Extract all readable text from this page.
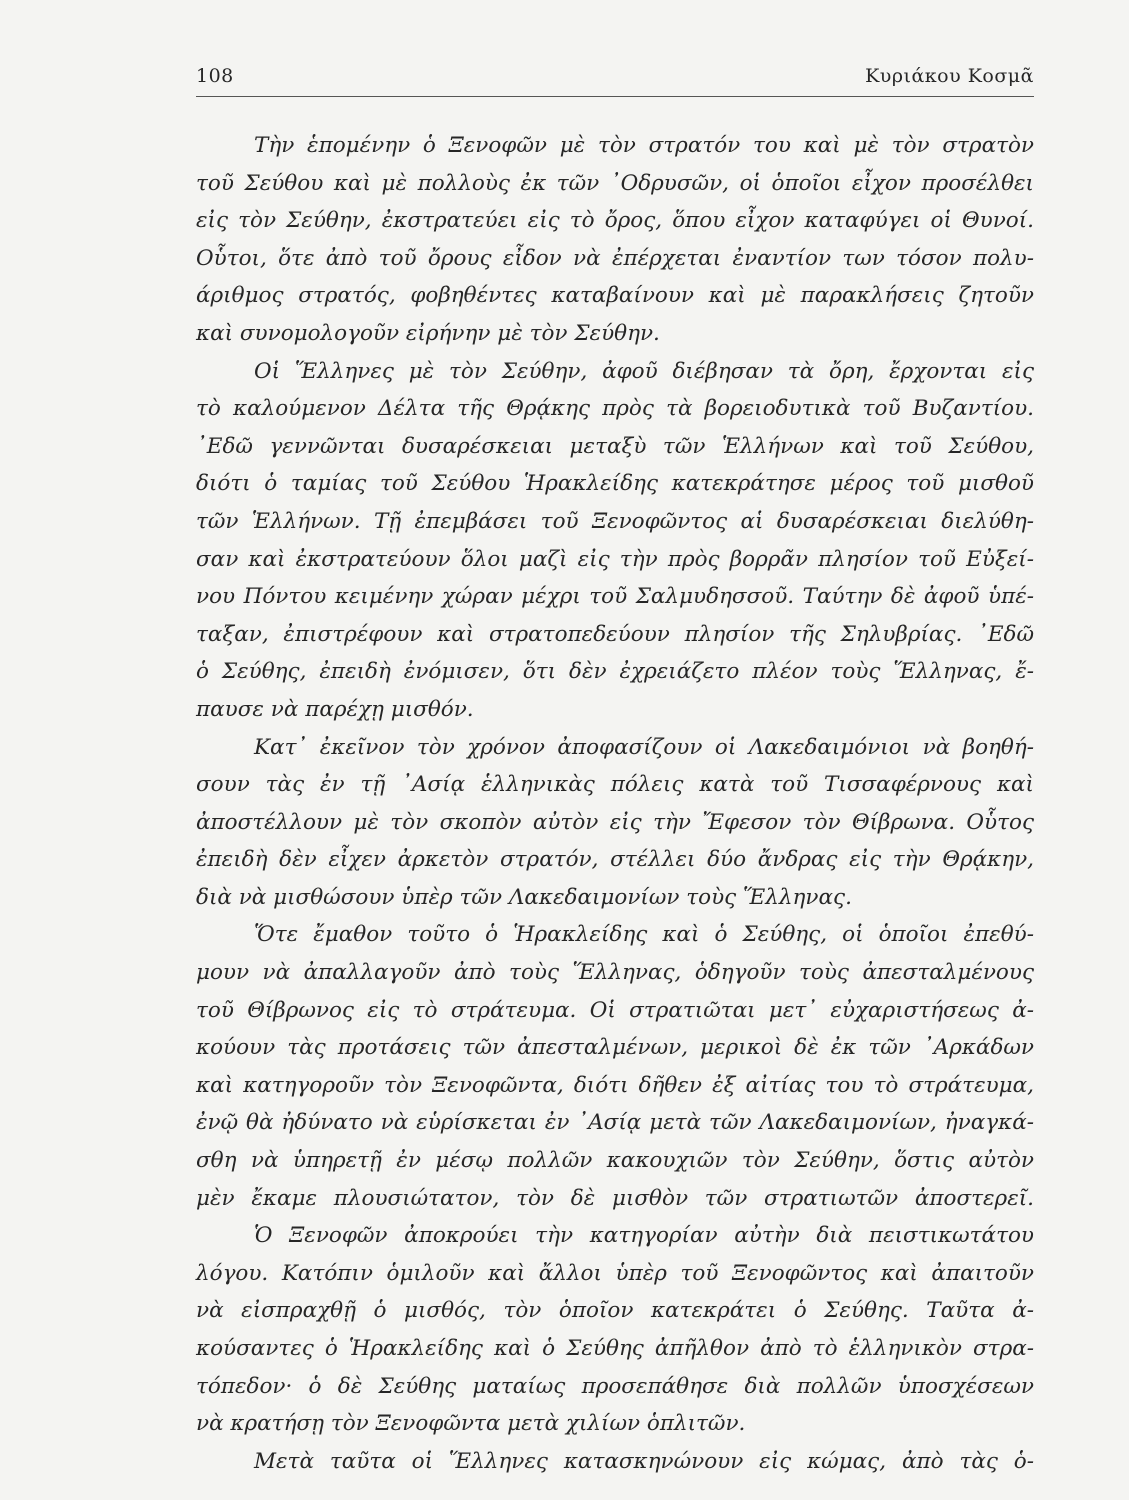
108	Κυριάκου Κοσμᾶ
Τὴν ἑπομένην ὁ Ξενοφῶν μὲ τὸν στρατόν του καὶ μὲ τὸν στρατὸν
τοῦ Σεύθου καὶ μὲ πολλοὺς ἐκ τῶν ᾽Οδρυσῶν, οἱ ὁποῖοι εἶχον προσέλθει
εἰς τὸν Σεύθην, ἐκστρατεύει εἰς τὸ ὄρος, ὅπου εἶχον καταφύγει οἱ Θυνοί.
Οὗτοι, ὅτε ἀπὸ τοῦ ὄρους εἶδον νὰ ἐπέρχεται ἐναντίον των τόσον πολυ-
άριθμος στρατός, φοβηθέντες καταβαίνουν καὶ μὲ παρακλήσεις ζητοῦν
καὶ συνομολογοῦν εἰρήνην μὲ τὸν Σεύθην.
Οἱ Ἕλληνες μὲ τὸν Σεύθην, ἀφοῦ διέβησαν τὰ ὄρη, ἔρχονται εἰς
τὸ καλούμενον Δέλτα τῆς Θρᾴκης πρὸς τὰ βορειοδυτικὰ τοῦ Βυζαντίου.
᾽Εδῶ γεννῶνται δυσαρέσκειαι μεταξὺ τῶν Ἑλλήνων καὶ τοῦ Σεύθου,
διότι ὁ ταμίας τοῦ Σεύθου Ἡρακλείδης κατεκράτησε μέρος τοῦ μισθοῦ
τῶν Ἑλλήνων. Τῇ ἐπεμβάσει τοῦ Ξενοφῶντος αἱ δυσαρέσκειαι διελύθη-
σαν καὶ ἐκστρατεύουν ὅλοι μαζὶ εἰς τὴν πρὸς βορρᾶν πλησίον τοῦ Εὐξεί-
νου Πόντου κειμένην χώραν μέχρι τοῦ Σαλμυδησσοῦ. Ταύτην δὲ ἀφοῦ ὑπέ-
ταξαν, ἐπιστρέφουν καὶ στρατοπεδεύουν πλησίον τῆς Σηλυβρίας. ᾽Εδῶ
ὁ Σεύθης, ἐπειδὴ ἐνόμισεν, ὅτι δὲν ἐχρειάζετο πλέον τοὺς Ἕλληνας, ἔ-
παυσε νὰ παρέχῃ μισθόν.
Κατ᾽ ἐκεῖνον τὸν χρόνον ἀποφασίζουν οἱ Λακεδαιμόνιοι νὰ βοηθή-
σουν τὰς ἐν τῇ ᾽Ασίᾳ ἑλληνικὰς πόλεις κατὰ τοῦ Τισσαφέρνους καὶ
ἀποστέλλουν μὲ τὸν σκοπὸν αὐτὸν εἰς τὴν Ἔφεσον τὸν Θίβρωνα. Οὗτος
ἐπειδὴ δὲν εἶχεν ἀρκετὸν στρατόν, στέλλει δύο ἄνδρας εἰς τὴν Θρᾴκην,
διὰ νὰ μισθώσουν ὑπὲρ τῶν Λακεδαιμονίων τοὺς Ἕλληνας.
Ὅτε ἔμαθον τοῦτο ὁ Ἡρακλείδης καὶ ὁ Σεύθης, οἱ ὁποῖοι ἐπεθύ-
μουν νὰ ἀπαλλαγοῦν ἀπὸ τοὺς Ἕλληνας, ὁδηγοῦν τοὺς ἀπεσταλμένους
τοῦ Θίβρωνος εἰς τὸ στράτευμα. Οἱ στρατιῶται μετ᾽ εὐχαριστήσεως ἀ-
κούουν τὰς προτάσεις τῶν ἀπεσταλμένων, μερικοὶ δὲ ἐκ τῶν ᾽Αρκάδων
καὶ κατηγοροῦν τὸν Ξενοφῶντα, διότι δῆθεν ἐξ αἰτίας του τὸ στράτευμα,
ἐνῷ θὰ ἠδύνατο νὰ εὑρίσκεται ἐν ᾽Ασίᾳ μετὰ τῶν Λακεδαιμονίων, ἠναγκά-
σθη νὰ ὑπηρετῇ ἐν μέσῳ πολλῶν κακουχιῶν τὸν Σεύθην, ὅστις αὐτὸν
μὲν ἔκαμε πλουσιώτατον, τὸν δὲ μισθὸν τῶν στρατιωτῶν ἀποστερεῖ.
Ὁ Ξενοφῶν ἀποκρούει τὴν κατηγορίαν αὐτὴν διὰ πειστικωτάτου
λόγου. Κατόπιν ὁμιλοῦν καὶ ἄλλοι ὑπὲρ τοῦ Ξενοφῶντος καὶ ἀπαιτοῦν
νὰ εἰσπραχθῇ ὁ μισθός, τὸν ὁποῖον κατεκράτει ὁ Σεύθης. Ταῦτα ἀ-
κούσαντες ὁ Ἡρακλείδης καὶ ὁ Σεύθης ἀπῆλθον ἀπὸ τὸ ἑλληνικὸν στρα-
τόπεδον· ὁ δὲ Σεύθης ματαίως προσεπάθησε διὰ πολλῶν ὑποσχέσεων
νὰ κρατήσῃ τὸν Ξενοφῶντα μετὰ χιλίων ὁπλιτῶν.
Μετὰ ταῦτα οἱ Ἕλληνες κατασκηνώνουν εἰς κώμας, ἀπὸ τὰς ὁ-
